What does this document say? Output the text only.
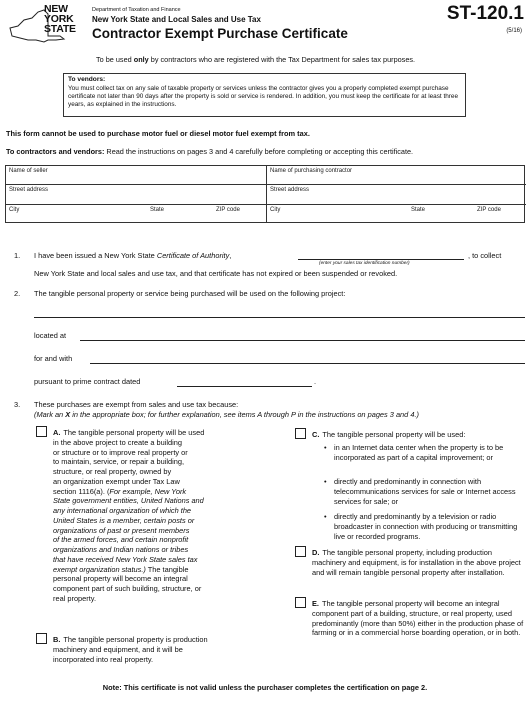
NEW
YORK
STATE
Department of Taxation and Finance
New York State and Local Sales and Use Tax
Contractor Exempt Purchase Certificate
ST-120.1
(5/16)
To be used only by contractors who are registered with the Tax Department for sales tax purposes.
To vendors:
You must collect tax on any sale of taxable property or services unless the contractor gives you a properly completed exempt purchase certificate not later than 90 days after the property is sold or service is rendered. In addition, you must keep the certificate for at least three years, as explained in the instructions.
This form cannot be used to purchase motor fuel or diesel motor fuel exempt from tax.
To contractors and vendors: Read the instructions on pages 3 and 4 carefully before completing or accepting this certificate.
Name of seller
Street address
City	State	ZIP code
Name of purchasing contractor
Street address
City	State	ZIP code
1. I have been issued a New York State Certificate of Authority,
(enter your sales tax identification number)
, to collect
New York State and local sales and use tax, and that certificate has not expired or been suspended or revoked.
2. The tangible personal property or service being purchased will be used on the following project:
located at
for and with
pursuant to prime contract dated	.
3. These purchases are exempt from sales and use tax because:
(Mark an X in the appropriate box; for further explanation, see items A through P in the instructions on pages 3 and 4.)
A. The tangible personal property will be used
in the above project to create a building
or structure or to improve real property or
to maintain, service, or repair a building,
structure, or real property, owned by
an organization exempt under Tax Law
section 1116(a). (For example, New York
State government entities, United Nations and
any international organization of which the
United States is a member, certain posts or
organizations of past or present members
of the armed forces, and certain nonprofit
organizations and Indian nations or tribes
that have received New York State sales tax
exempt organization status.) The tangible
personal property will become an integral
component part of such building, structure, or
real property.
B. The tangible personal property is production
machinery and equipment, and it will be
incorporated into real property.
C. The tangible personal property will be used:
• in an Internet data center when the property is to be incorporated as part of a capital improvement; or
• directly and predominantly in connection with telecommunications services for sale or Internet access services for sale; or
• directly and predominantly by a television or radio broadcaster in connection with producing or transmitting live or recorded programs.
D. The tangible personal property, including production machinery and equipment, is for installation in the above project and will remain tangible personal property after installation.
E. The tangible personal property will become an integral component part of a building, structure, or real property, used predominantly (more than 50%) either in the production phase of farming or in a commercial horse boarding operation, or in both.
Note: This certificate is not valid unless the purchaser completes the certification on page 2.
